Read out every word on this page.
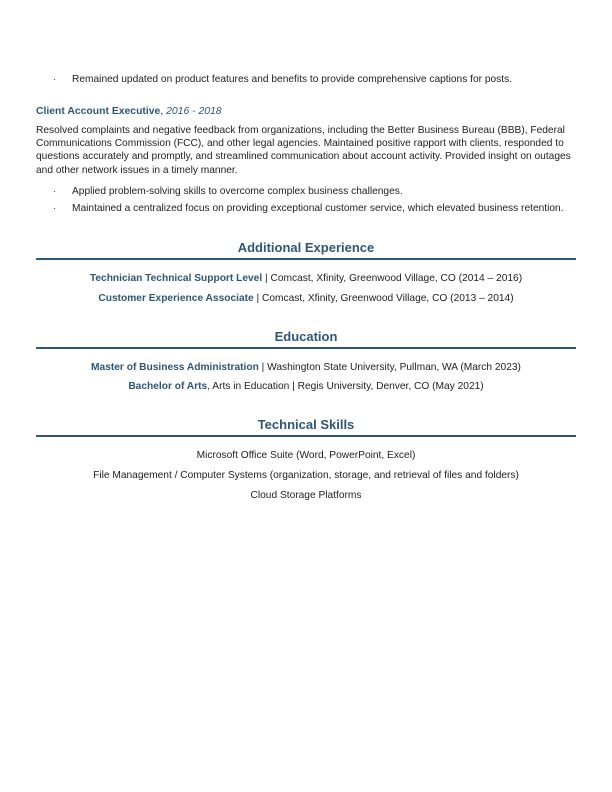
· Remained updated on product features and benefits to provide comprehensive captions for posts.
Client Account Executive, 2016 - 2018

Resolved complaints and negative feedback from organizations, including the Better Business Bureau (BBB), Federal Communications Commission (FCC), and other legal agencies. Maintained positive rapport with clients, responded to questions accurately and promptly, and streamlined communication about account activity. Provided insight on outages and other network issues in a timely manner.

· Applied problem-solving skills to overcome complex business challenges.
· Maintained a centralized focus on providing exceptional customer service, which elevated business retention.
Additional Experience
Technician Technical Support Level | Comcast, Xfinity, Greenwood Village, CO (2014 – 2016)
Customer Experience Associate | Comcast, Xfinity, Greenwood Village, CO (2013 – 2014)
Education
Master of Business Administration | Washington State University, Pullman, WA (March 2023)
Bachelor of Arts, Arts in Education | Regis University, Denver, CO (May 2021)
Technical Skills
Microsoft Office Suite (Word, PowerPoint, Excel)
File Management / Computer Systems (organization, storage, and retrieval of files and folders)
Cloud Storage Platforms
